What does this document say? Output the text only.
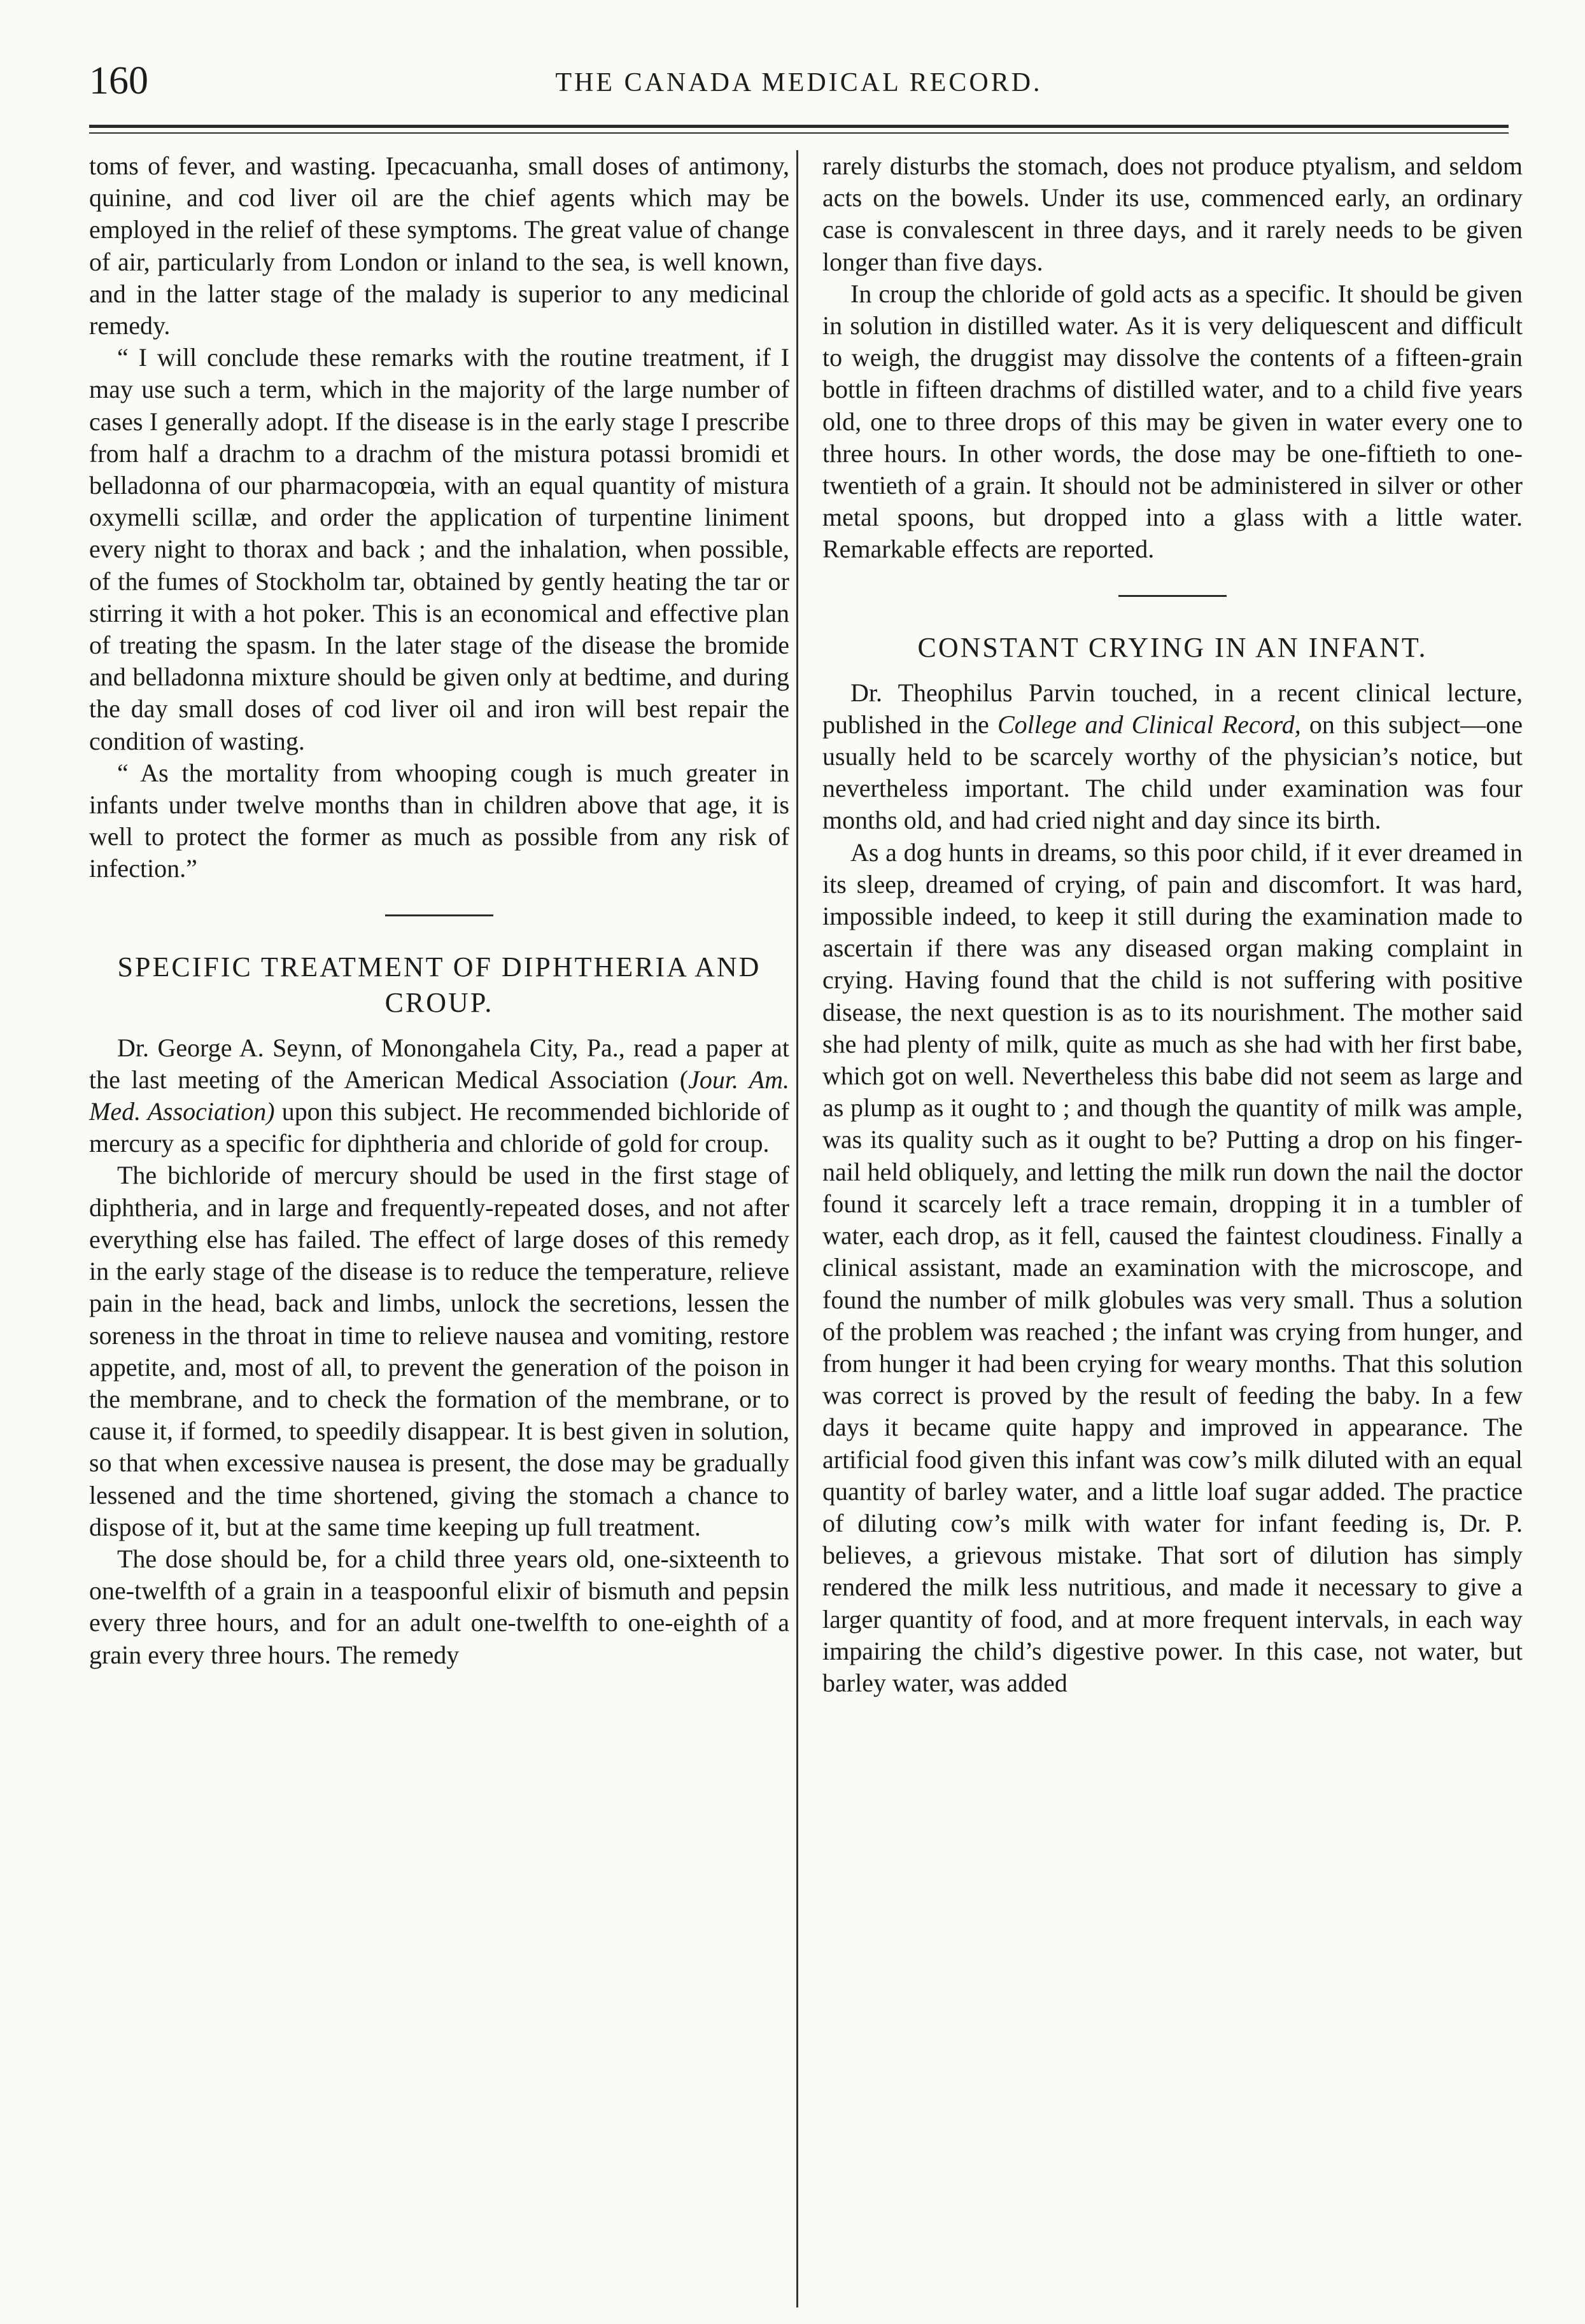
160	THE CANADA MEDICAL RECORD.

toms of fever, and wasting. Ipecacuanha, small doses of antimony, quinine, and cod liver oil are the chief agents which may be employed in the relief of these symptoms. The great value of change of air, particularly from London or inland to the sea, is well known, and in the latter stage of the malady is superior to any medicinal remedy.

“ I will conclude these remarks with the routine treatment, if I may use such a term, which in the majority of the large number of cases I generally adopt. If the disease is in the early stage I prescribe from half a drachm to a drachm of the mistura potassi bromidi et belladonna of our pharmacopœia, with an equal quantity of mistura oxymelli scillæ, and order the application of turpentine liniment every night to thorax and back ; and the inhalation, when possible, of the fumes of Stockholm tar, obtained by gently heating the tar or stirring it with a hot poker. This is an economical and effective plan of treating the spasm. In the later stage of the disease the bromide and belladonna mixture should be given only at bedtime, and during the day small doses of cod liver oil and iron will best repair the condition of wasting.

“ As the mortality from whooping cough is much greater in infants under twelve months than in children above that age, it is well to protect the former as much as possible from any risk of infection.”

SPECIFIC TREATMENT OF DIPHTHERIA AND CROUP.

Dr. George A. Seynn, of Monongahela City, Pa., read a paper at the last meeting of the American Medical Association (Jour. Am. Med. Association) upon this subject. He recommended bichloride of mercury as a specific for diphtheria and chloride of gold for croup.

The bichloride of mercury should be used in the first stage of diphtheria, and in large and frequently-repeated doses, and not after everything else has failed. The effect of large doses of this remedy in the early stage of the disease is to reduce the temperature, relieve pain in the head, back and limbs, unlock the secretions, lessen the soreness in the throat in time to relieve nausea and vomiting, restore appetite, and, most of all, to prevent the generation of the poison in the membrane, and to check the formation of the membrane, or to cause it, if formed, to speedily disappear. It is best given in solution, so that when excessive nausea is present, the dose may be gradually lessened and the time shortened, giving the stomach a chance to dispose of it, but at the same time keeping up full treatment.

The dose should be, for a child three years old, one-sixteenth to one-twelfth of a grain in a teaspoonful elixir of bismuth and pepsin every three hours, and for an adult one-twelfth to one-eighth of a grain every three hours. The remedy

rarely disturbs the stomach, does not produce ptyalism, and seldom acts on the bowels. Under its use, commenced early, an ordinary case is convalescent in three days, and it rarely needs to be given longer than five days.

In croup the chloride of gold acts as a specific. It should be given in solution in distilled water. As it is very deliquescent and difficult to weigh, the druggist may dissolve the contents of a fifteen-grain bottle in fifteen drachms of distilled water, and to a child five years old, one to three drops of this may be given in water every one to three hours. In other words, the dose may be one-fiftieth to one-twentieth of a grain. It should not be administered in silver or other metal spoons, but dropped into a glass with a little water. Remarkable effects are reported.

CONSTANT CRYING IN AN INFANT.

Dr. Theophilus Parvin touched, in a recent clinical lecture, published in the College and Clinical Record, on this subject—one usually held to be scarcely worthy of the physician’s notice, but nevertheless important. The child under examination was four months old, and had cried night and day since its birth.

As a dog hunts in dreams, so this poor child, if it ever dreamed in its sleep, dreamed of crying, of pain and discomfort. It was hard, impossible indeed, to keep it still during the examination made to ascertain if there was any diseased organ making complaint in crying. Having found that the child is not suffering with positive disease, the next question is as to its nourishment. The mother said she had plenty of milk, quite as much as she had with her first babe, which got on well. Nevertheless this babe did not seem as large and as plump as it ought to ; and though the quantity of milk was ample, was its quality such as it ought to be? Putting a drop on his finger-nail held obliquely, and letting the milk run down the nail the doctor found it scarcely left a trace remain, dropping it in a tumbler of water, each drop, as it fell, caused the faintest cloudiness. Finally a clinical assistant, made an examination with the microscope, and found the number of milk globules was very small. Thus a solution of the problem was reached ; the infant was crying from hunger, and from hunger it had been crying for weary months. That this solution was correct is proved by the result of feeding the baby. In a few days it became quite happy and improved in appearance. The artificial food given this infant was cow’s milk diluted with an equal quantity of barley water, and a little loaf sugar added. The practice of diluting cow’s milk with water for infant feeding is, Dr. P. believes, a grievous mistake. That sort of dilution has simply rendered the milk less nutritious, and made it necessary to give a larger quantity of food, and at more frequent intervals, in each way impairing the child’s digestive power. In this case, not water, but barley water, was added
